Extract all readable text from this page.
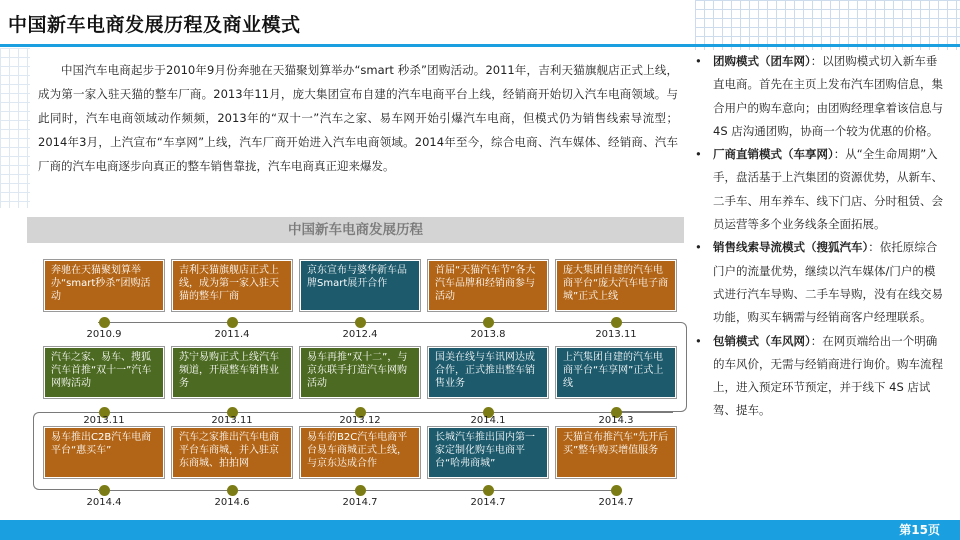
中国新车电商发展历程及商业模式

中国汽车电商起步于2010年9月份奔驰在天猫聚划算举办“smart 秒杀”团购活动。2011年，吉利天猫旗舰店正式上线，成为第一家入驻天猫的整车厂商。2013年11月，庞大集团宣布自建的汽车电商平台上线，经销商开始切入汽车电商领域。与此同时，汽车电商领域动作频频，2013年的“双十一”汽车之家、易车网开始引爆汽车电商，但模式仍为销售线索导流型；2014年3月，上汽宣布“车享网”上线，汽车厂商开始进入汽车电商领域。2014年至今，综合电商、汽车媒体、经销商、汽车厂商的汽车电商逐步向真正的整车销售靠拢，汽车电商真正迎来爆发。

中国新车电商发展历程
奔驰在天猫聚划算举办“smart秒杀”团购活动
吉利天猫旗舰店正式上线，成为第一家入驻天猫的整车厂商
京东宣布与婆华新车品牌Smart展开合作
首届“天猫汽车节”各大汽车品牌和经销商参与活动
庞大集团自建的汽车电商平台“庞大汽车电子商城”正式上线
2010.9	2011.4	2012.4	2013.8	2013.11
汽车之家、易车、搜狐汽车首推“双十一”汽车网购活动
苏宁易购正式上线汽车频道，开展整车销售业务
易车再推“双十二”，与京东联手打造汽车网购活动
国美在线与车讯网达成合作，正式推出整车销售业务
上汽集团自建的汽车电商平台“车享网”正式上线
2013.11	2013.11	2013.12	2014.1	2014.3
易车推出C2B汽车电商平台“惠买车”
汽车之家推出汽车电商平台车商城，并入驻京东商城、拍拍网
易车的B2C汽车电商平台易车商城正式上线，与京东达成合作
长城汽车推出国内第一家定制化购车电商平台“哈弗商城”
天猫宣布推汽车“先开后买”整车购买增值服务
2014.4	2014.6	2014.7	2014.7	2014.7
• 团购模式（团车网）：以团购模式切入新车垂直电商。首先在主页上发布汽车团购信息，集合用户的购车意向；由团购经理拿着该信息与 4S 店沟通团购，协商一个较为优惠的价格。
• 厂商直销模式（车享网）：从“全生命周期”入手，盘活基于上汽集团的资源优势，从新车、二手车、用车养车、线下门店、分时租赁、会员运营等多个业务线条全面拓展。
• 销售线索导流模式（搜狐汽车）：依托原综合门户的流量优势，继续以汽车媒体/门户的模式进行汽车导购、二手车导购，没有在线交易功能，购买车辆需与经销商客户经理联系。
• 包销模式（车风网）：在网页端给出一个明确的车风价，无需与经销商进行询价。购车流程上，进入预定环节预定，并于线下 4S 店试驾、提车。
第15页
